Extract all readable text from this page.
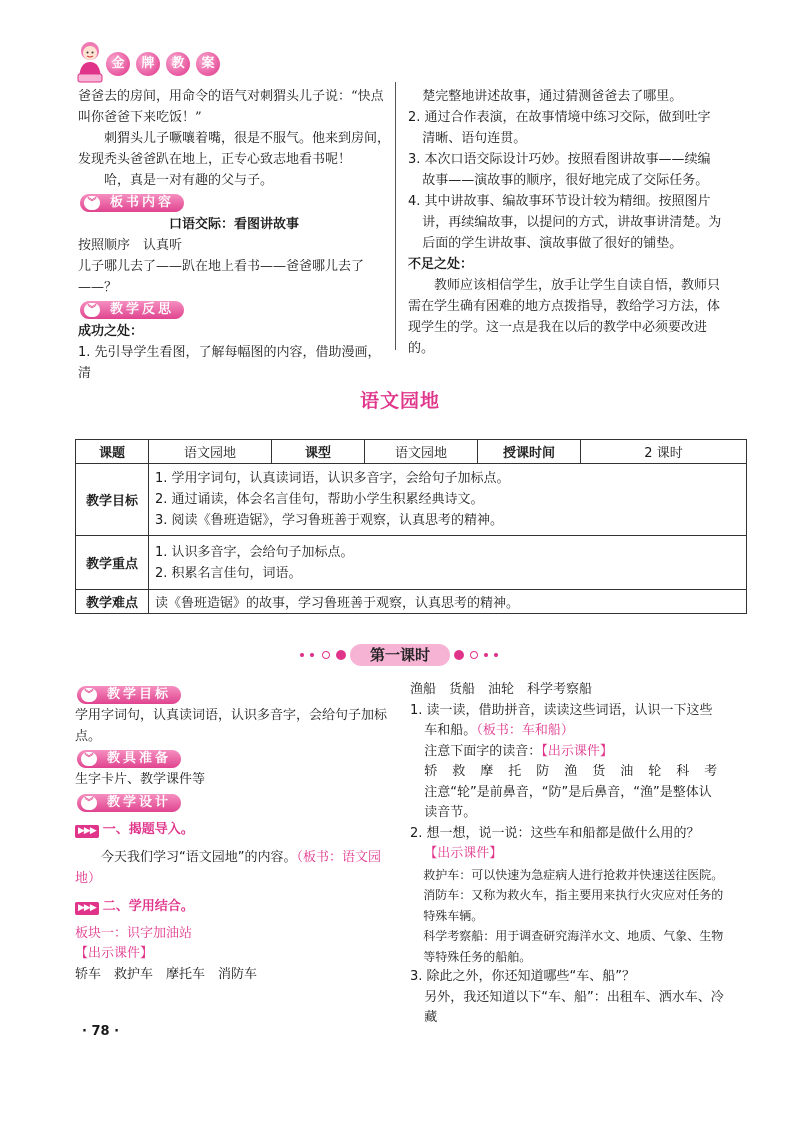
金	牌	教	案

爸爸去的房间，用命令的语气对刺猬头儿子说：“快点叫你爸爸下来吃饭！”

刺猬头儿子噘嚷着嘴，很是不服气。他来到房间，发现秃头爸爸趴在地上，正专心致志地看书呢！

哈，真是一对有趣的父与子。

︾ 板书内容

口语交际：看图讲故事

按照顺序　认真听

儿子哪儿去了——趴在地上看书——爸爸哪儿去了——？

︾ 教学反思

成功之处：

1. 先引导学生看图，了解每幅图的内容，借助漫画，清

楚完整地讲述故事，通过猜测爸爸去了哪里。

2. 通过合作表演，在故事情境中练习交际，做到吐字清晰、语句连贯。

3. 本次口语交际设计巧妙。按照看图讲故事——续编故事——演故事的顺序，很好地完成了交际任务。

4. 其中讲故事、编故事环节设计较为精细。按照图片讲，再续编故事，以提问的方式，讲故事讲清楚。为后面的学生讲故事、演故事做了很好的铺垫。

不足之处：

教师应该相信学生，放手让学生自读自悟，教师只需在学生确有困难的地方点拨指导，教给学习方法，体现学生的学。这一点是我在以后的教学中必须要改进的。

语文园地
课题	语文园地	课型	语文园地	授课时间	2 课时
教学目标	1. 学用字词句，认真读词语，认识多音字，会给句子加标点。
2. 通过诵读，体会名言佳句，帮助小学生积累经典诗文。
3. 阅读《鲁班造锯》，学习鲁班善于观察，认真思考的精神。				

教学重点	1. 认识多音字，会给句子加标点。
2. 积累名言佳句，词语。				

教学难点	读《鲁班造锯》的故事，学习鲁班善于观察，认真思考的精神。				
第一课时
︾ 教学目标

学用字词句，认真读词语，认识多音字，会给句子加标点。

︾ 教具准备

生字卡片、教学课件等

︾ 教学设计

▶▶▶ 一、揭题导入。

今天我们学习“语文园地”的内容。（板书：语文园地）

▶▶▶ 二、学用结合。

板块一：识字加油站

【出示课件】

轿车　救护车　摩托车　消防车

渔船　货船　油轮　科学考察船

1. 读一读，借助拼音，读读这些词语，认识一下这些车和船。（板书：车和船）

注意下面字的读音：【出示课件】

轿　救　摩　托　防　渔　货　油　轮　科　考

注意“轮”是前鼻音，“防”是后鼻音，“渔”是整体认读音节。

2. 想一想，说一说：这些车和船都是做什么用的？

【出示课件】

救护车：可以快速为急症病人进行抢救并快速送往医院。

消防车：又称为救火车，指主要用来执行火灾应对任务的特殊车辆。

科学考察船：用于调查研究海洋水文、地质、气象、生物等特殊任务的船舶。

3. 除此之外，你还知道哪些“车、船”？

另外，我还知道以下“车、船”：出租车、洒水车、冷藏

· 78 ·
